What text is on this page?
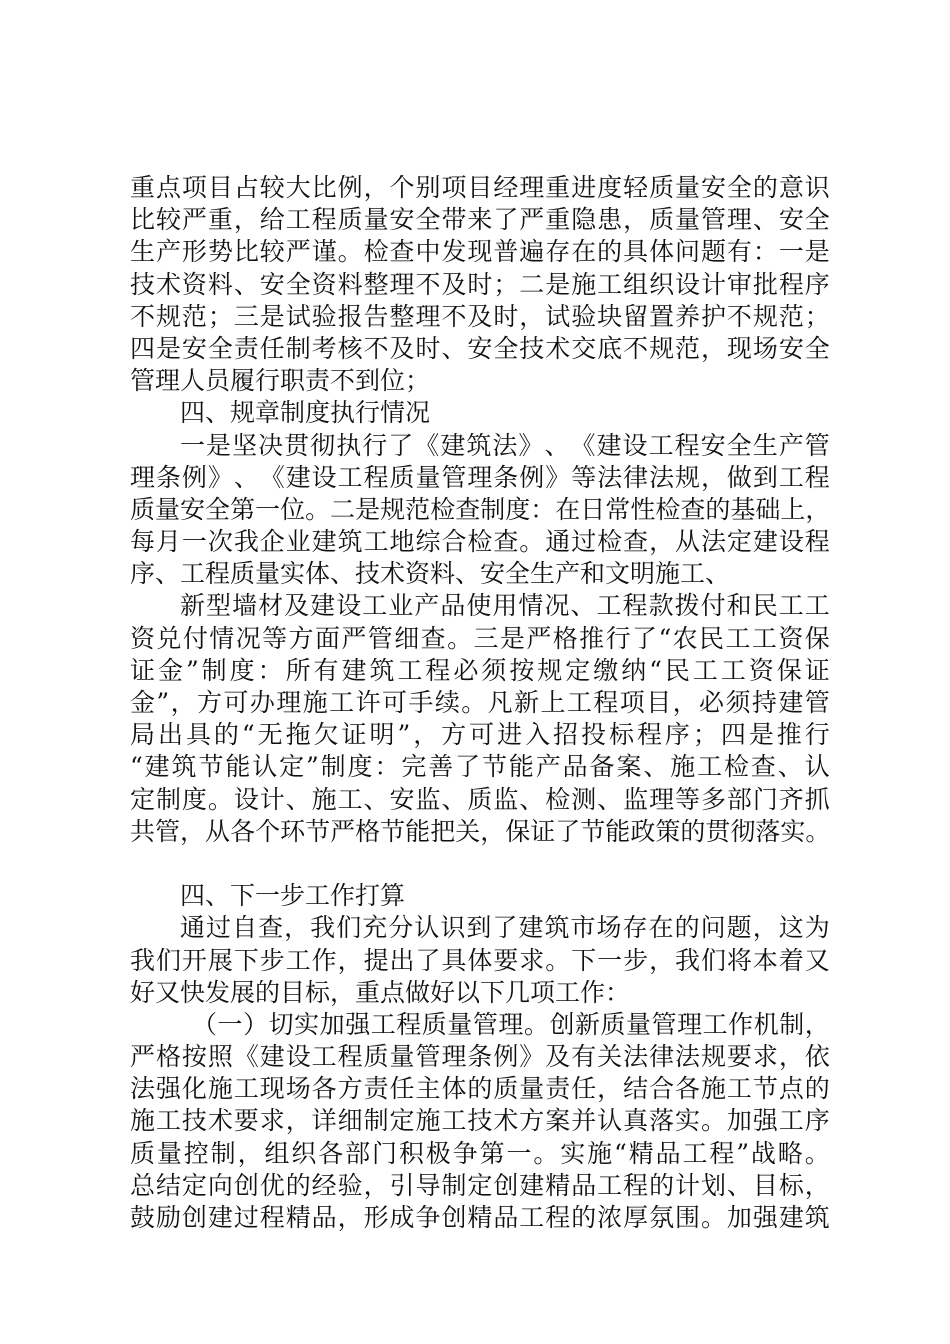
重 点 项 目 占 较 大 比 例 ， 个 别 项 目 经 理 重 进 度 轻 质 量 安 全 的 意 识
比 较 严 重 ， 给 工 程 质 量 安 全 带 来 了 严 重 隐 患 ， 质 量 管 理 、 安 全
生 产 形 势 比 较 严 谨 。 检 查 中 发 现 普 遍 存 在 的 具 体 问 题 有 ： 一 是
技 术 资 料 、 安 全 资 料 整 理 不 及 时 ； 二 是 施 工 组 织 设 计 审 批 程 序
不 规 范 ； 三 是 试 验 报 告 整 理 不 及 时 ， 试 验 块 留 置 养 护 不 规 范 ；
四 是 安 全 责 任 制 考 核 不 及 时 、 安 全 技 术 交 底 不 规 范 ， 现 场 安 全
管理人员履行职责不到位；
四、规章制度执行情况
一 是 坚 决 贯 彻 执 行 了 《 建 筑 法 》 、 《 建 设 工 程 安 全 生 产 管
理 条 例 》 、 《 建 设 工 程 质 量 管 理 条 例 》 等 法 律 法 规 ， 做 到 工 程
质 量 安 全 第 一 位 。 二 是 规 范 检 查 制 度 ： 在 日 常 性 检 查 的 基 础 上 ，
每 月 一 次 我 企 业 建 筑 工 地 综 合 检 查 。 通 过 检 查 ， 从 法 定 建 设 程
序、工程质量实体、技术资料、安全生产和文明施工、
新 型 墙 材 及 建 设 工 业 产 品 使 用 情 况 、 工 程 款 拨 付 和 民 工 工
资 兑 付 情 况 等 方 面 严 管 细 查 。 三 是 严 格 推 行 了 “ 农 民 工 工 资 保
证 金 ” 制 度 ： 所 有 建 筑 工 程 必 须 按 规 定 缴 纳 “ 民 工 工 资 保 证
金 ” ， 方 可 办 理 施 工 许 可 手 续 。 凡 新 上 工 程 项 目 ， 必 须 持 建 管
局 出 具 的 “ 无 拖 欠 证 明 ” ， 方 可 进 入 招 投 标 程 序 ； 四 是 推 行
“ 建 筑 节 能 认 定 ” 制 度 ： 完 善 了 节 能 产 品 备 案 、 施 工 检 查 、 认
定 制 度 。 设 计 、 施 工 、 安 监 、 质 监 、 检 测 、 监 理 等 多 部 门 齐 抓
共 管 ， 从 各 个 环 节 严 格 节 能 把 关 ， 保 证 了 节 能 政 策 的 贯 彻 落 实 。
四、下一步工作打算
通 过 自 查 ， 我 们 充 分 认 识 到 了 建 筑 市 场 存 在 的 问 题 ， 这 为
我 们 开 展 下 步 工 作 ， 提 出 了 具 体 要 求 。 下 一 步 ， 我 们 将 本 着 又
好又快发展的目标，重点做好以下几项工作：
（ 一 ） 切 实 加 强 工 程 质 量 管 理 。 创 新 质 量 管 理 工 作 机 制 ，
严 格 按 照 《 建 设 工 程 质 量 管 理 条 例 》 及 有 关 法 律 法 规 要 求 ， 依
法 强 化 施 工 现 场 各 方 责 任 主 体 的 质 量 责 任 ， 结 合 各 施 工 节 点 的
施 工 技 术 要 求 ， 详 细 制 定 施 工 技 术 方 案 并 认 真 落 实 。 加 强 工 序
质 量 控 制 ， 组 织 各 部 门 积 极 争 第 一 。 实 施 “ 精 品 工 程 ” 战 略 。
总 结 定 向 创 优 的 经 验 ， 引 导 制 定 创 建 精 品 工 程 的 计 划 、 目 标 ，
鼓 励 创 建 过 程 精 品 ， 形 成 争 创 精 品 工 程 的 浓 厚 氛 围 。 加 强 建 筑
